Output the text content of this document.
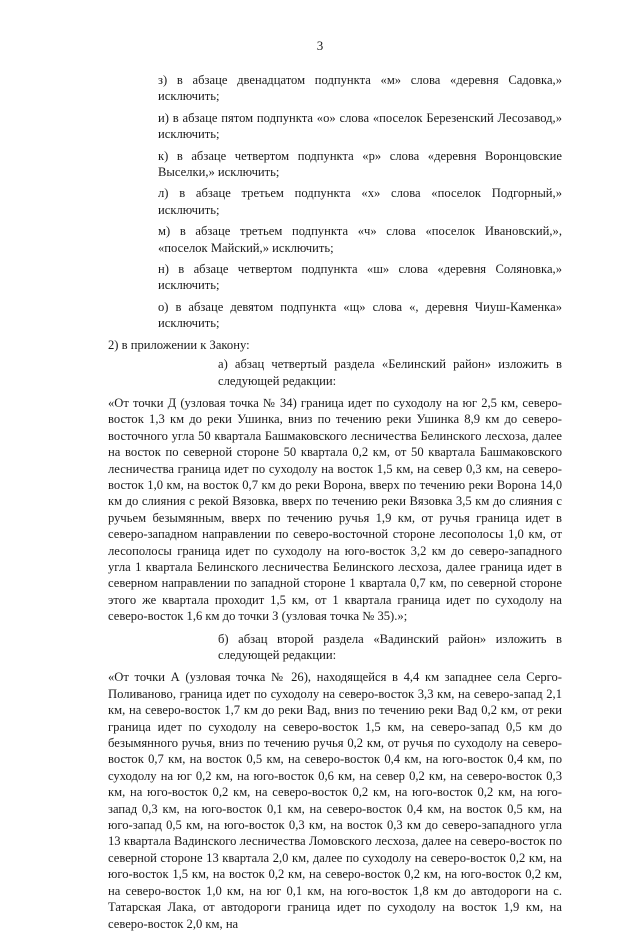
3

з) в абзаце двенадцатом подпункта «м» слова «деревня Садовка,» исключить;

и) в абзаце пятом подпункта «о» слова «поселок Березенский Лесозавод,» исключить;

к) в абзаце четвертом подпункта «р» слова «деревня Воронцовские Выселки,» исключить;

л) в абзаце третьем подпункта «х» слова «поселок Подгорный,» исключить;

м) в абзаце третьем подпункта «ч» слова «поселок Ивановский,», «поселок Майский,» исключить;

н) в абзаце четвертом подпункта «ш» слова «деревня Соляновка,» исключить;

о) в абзаце девятом подпункта «щ» слова «, деревня Чиуш-Каменка» исключить;

2) в приложении к Закону:

а) абзац четвертый раздела «Белинский район» изложить в следующей редакции:

«От точки Д (узловая точка № 34) граница идет по суходолу на юг 2,5 км, северо-восток 1,3 км до реки Ушинка, вниз по течению реки Ушинка 8,9 км до северо-восточного угла 50 квартала Башмаковского лесничества Белинского лесхоза, далее на восток по северной стороне 50 квартала 0,2 км, от 50 квартала Башмаковского лесничества граница идет по суходолу на восток 1,5 км, на север 0,3 км, на северо-восток 1,0 км, на восток 0,7 км до реки Ворона, вверх по течению реки Ворона 14,0 км до слияния с рекой Вязовка, вверх по течению реки Вязовка 3,5 км до слияния с ручьем безымянным, вверх по течению ручья 1,9 км, от ручья граница идет в северо-западном направлении по северо-восточной стороне лесополосы 1,0 км, от лесополосы граница идет по суходолу на юго-восток 3,2 км до северо-западного угла 1 квартала Белинского лесничества Белинского лесхоза, далее граница идет в северном направлении по западной стороне 1 квартала 0,7 км, по северной стороне этого же квартала проходит 1,5 км, от 1 квартала граница идет по суходолу на северо-восток 1,6 км до точки З (узловая точка № 35).»;

б) абзац второй раздела «Вадинский район» изложить в следующей редакции:

«От точки А (узловая точка № 26), находящейся в 4,4 км западнее села Серго-Поливаново, граница идет по суходолу на северо-восток 3,3 км, на северо-запад 2,1 км, на северо-восток 1,7 км до реки Вад, вниз по течению реки Вад 0,2 км, от реки граница идет по суходолу на северо-восток 1,5 км, на северо-запад 0,5 км до безымянного ручья, вниз по течению ручья 0,2 км, от ручья по суходолу на северо-восток 0,7 км, на восток 0,5 км, на северо-восток 0,4 км, на юго-восток 0,4 км, по суходолу на юг 0,2 км, на юго-восток 0,6 км, на север 0,2 км, на северо-восток 0,3 км, на юго-восток 0,2 км, на северо-восток 0,2 км, на юго-восток 0,2 км, на юго-запад 0,3 км, на юго-восток 0,1 км, на северо-восток 0,4 км, на восток 0,5 км, на юго-запад 0,5 км, на юго-восток 0,3 км, на восток 0,3 км до северо-западного угла 13 квартала Вадинского лесничества Ломовского лесхоза, далее на северо-восток по северной стороне 13 квартала 2,0 км, далее по суходолу на северо-восток 0,2 км, на юго-восток 1,5 км, на восток 0,2 км, на северо-восток 0,2 км, на юго-восток 0,2 км, на северо-восток 1,0 км, на юг 0,1 км, на юго-восток 1,8 км до автодороги на с. Татарская Лака, от автодороги граница идет по суходолу на восток 1,9 км, на северо-восток 2,0 км, на
